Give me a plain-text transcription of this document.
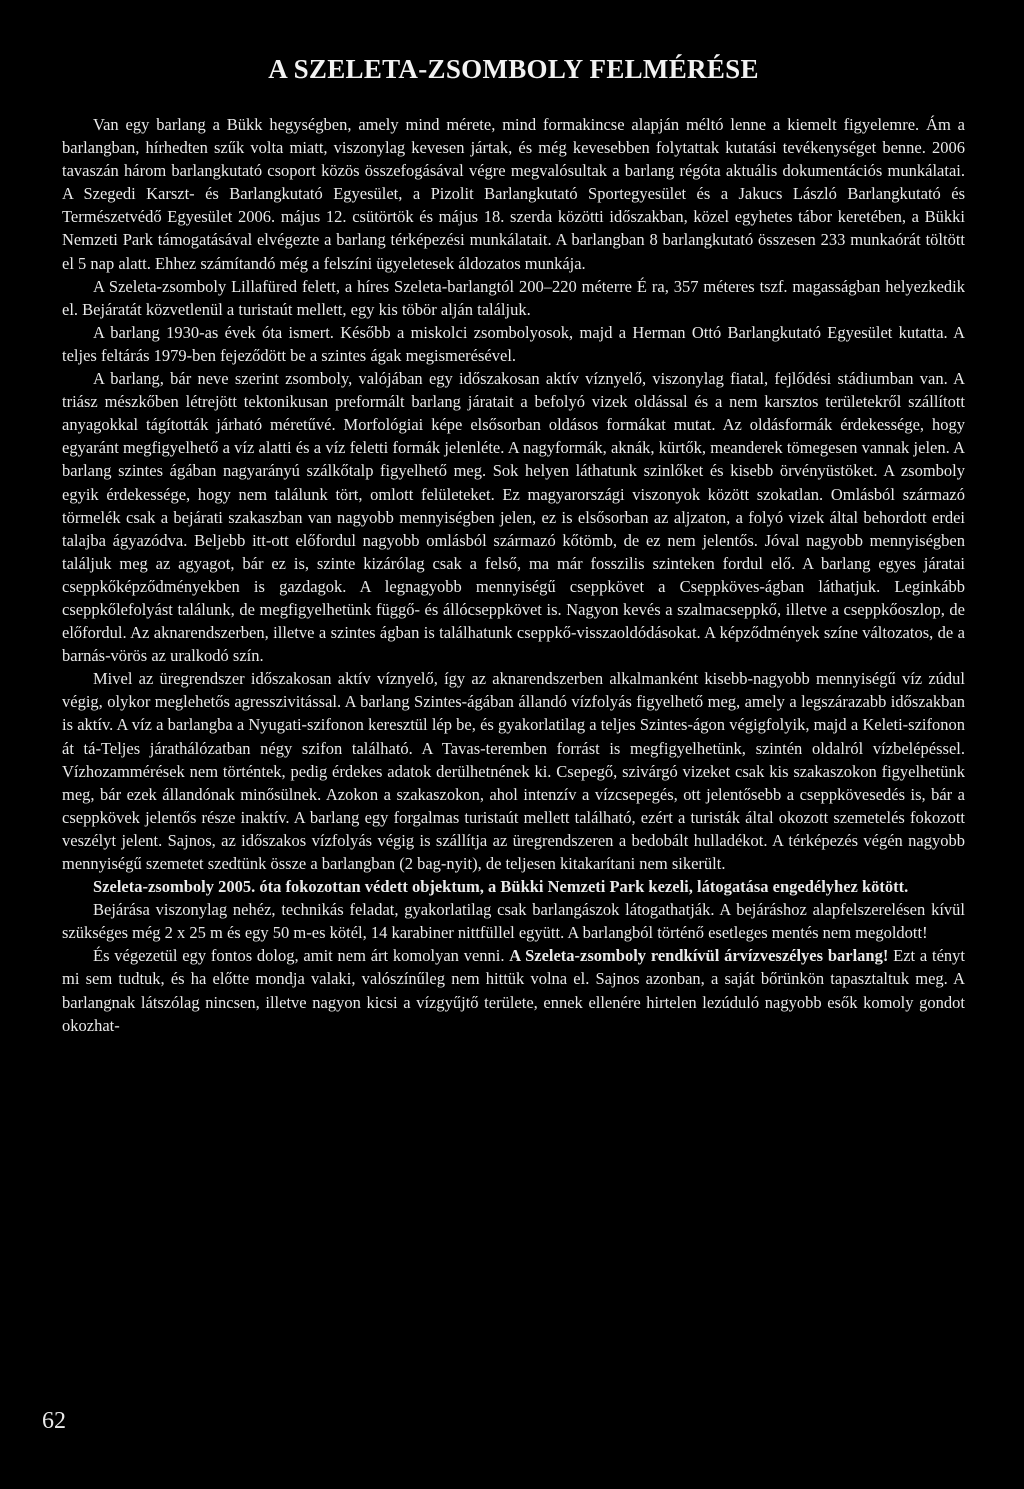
A SZELETA-ZSOMBOLY FELMÉRÉSE

Van egy barlang a Bükk hegységben, amely mind mérete, mind formakincse alapján méltó lenne a kiemelt figyelemre. Ám a barlangban, hírhedten szűk volta miatt, viszonylag kevesen jártak, és még kevesebben folytattak kutatási tevékenységet benne. 2006 tavaszán három barlangkutató csoport közös összefogásával végre megvalósultak a barlang régóta aktuális dokumentációs munkálatai. A Szegedi Karszt- és Barlangkutató Egyesület, a Pizolit Barlangkutató Sportegyesület és a Jakucs László Barlangkutató és Természetvédő Egyesület 2006. május 12. csütörtök és május 18. szerda közötti időszakban, közel egyhetes tábor keretében, a Bükki Nemzeti Park támogatásával elvégezte a barlang térképezési munkálatait. A barlangban 8 barlangkutató összesen 233 munkaórát töltött el 5 nap alatt. Ehhez számítandó még a felszíni ügyeletesek áldozatos munkája.

A Szeleta-zsomboly Lillafüred felett, a híres Szeleta-barlangtól 200–220 méterre É ra, 357 méteres tszf. magasságban helyezkedik el. Bejáratát közvetlenül a turistaút mellett, egy kis töbör alján találjuk.

A barlang 1930-as évek óta ismert. Később a miskolci zsombolyosok, majd a Herman Ottó Barlangkutató Egyesület kutatta. A teljes feltárás 1979-ben fejeződött be a szintes ágak megismerésével.

A barlang, bár neve szerint zsomboly, valójában egy időszakosan aktív víznyelő, viszonylag fiatal, fejlődési stádiumban van. A triász mészkőben létrejött tektonikusan preformált barlang járatait a befolyó vizek oldással és a nem karsztos területekről szállított anyagokkal tágították járható méretűvé. Morfológiai képe elsősorban oldásos formákat mutat. Az oldásformák érdekessége, hogy egyaránt megfigyelhető a víz alatti és a víz feletti formák jelenléte. A nagyformák, aknák, kürtők, meanderek tömegesen vannak jelen. A barlang szintes ágában nagyarányú szálkőtalp figyelhető meg. Sok helyen láthatunk szinlőket és kisebb örvényüstöket. A zsomboly egyik érdekessége, hogy nem találunk tört, omlott felületeket. Ez magyarországi viszonyok között szokatlan. Omlásból származó törmelék csak a bejárati szakaszban van nagyobb mennyiségben jelen, ez is elsősorban az aljzaton, a folyó vizek által behordott erdei talajba ágyazódva. Beljebb itt-ott előfordul nagyobb omlásból származó kőtömb, de ez nem jelentős. Jóval nagyobb mennyiségben találjuk meg az agyagot, bár ez is, szinte kizárólag csak a felső, ma már fosszilis szinteken fordul elő. A barlang egyes járatai cseppkőképződményekben is gazdagok. A legnagyobb mennyiségű cseppkövet a Cseppköves-ágban láthatjuk. Leginkább cseppkőlefolyást találunk, de megfigyelhetünk függő- és állócseppkövet is. Nagyon kevés a szalmacseppkő, illetve a cseppkőoszlop, de előfordul. Az aknarendszerben, illetve a szintes ágban is találhatunk cseppkő-visszaoldódásokat. A képződmények színe változatos, de a barnás-vörös az uralkodó szín.

Mivel az üregrendszer időszakosan aktív víznyelő, így az aknarendszerben alkalmanként kisebb-nagyobb mennyiségű víz zúdul végig, olykor meglehetős agresszivitással. A barlang Szintes-ágában állandó vízfolyás figyelhető meg, amely a legszárazabb időszakban is aktív. A víz a barlangba a Nyugati-szifonon keresztül lép be, és gyakorlatilag a teljes Szintes-ágon végigfolyik, majd a Keleti-szifonon át tá-Teljes járathálózatban négy szifon található. A Tavas-teremben forrást is megfigyelhetünk, szintén oldalról vízbelépéssel. Vízhozammérések nem történtek, pedig érdekes adatok derülhetnének ki. Csepegő, szivárgó vizeket csak kis szakaszokon figyelhetünk meg, bár ezek állandónak minősülnek. Azokon a szakaszokon, ahol intenzív a vízcsepegés, ott jelentősebb a cseppkövesedés is, bár a cseppkövek jelentős része inaktív. A barlang egy forgalmas turistaút mellett található, ezért a turisták által okozott szemetelés fokozott veszélyt jelent. Sajnos, az időszakos vízfolyás végig is szállítja az üregrendszeren a bedobált hulladékot. A térképezés végén nagyobb mennyiségű szemetet szedtünk össze a barlangban (2 bag-nyit), de teljesen kitakarítani nem sikerült.

Szeleta-zsomboly 2005. óta fokozottan védett objektum, a Bükki Nemzeti Park kezeli, látogatása engedélyhez kötött.

Bejárása viszonylag nehéz, technikás feladat, gyakorlatilag csak barlangászok látogathatják. A bejáráshoz alapfelszerelésen kívül szükséges még 2 x 25 m és egy 50 m-es kötél, 14 karabiner nittfüllel együtt. A barlangból történő esetleges mentés nem megoldott!

És végezetül egy fontos dolog, amit nem árt komolyan venni. A Szeleta-zsomboly rendkívül árvízveszélyes barlang! Ezt a tényt mi sem tudtuk, és ha előtte mondja valaki, valószínűleg nem hittük volna el. Sajnos azonban, a saját bőrünkön tapasztaltuk meg. A barlangnak látszólag nincsen, illetve nagyon kicsi a vízgyűjtő területe, ennek ellenére hirtelen lezúduló nagyobb esők komoly gondot okozhat-

62
